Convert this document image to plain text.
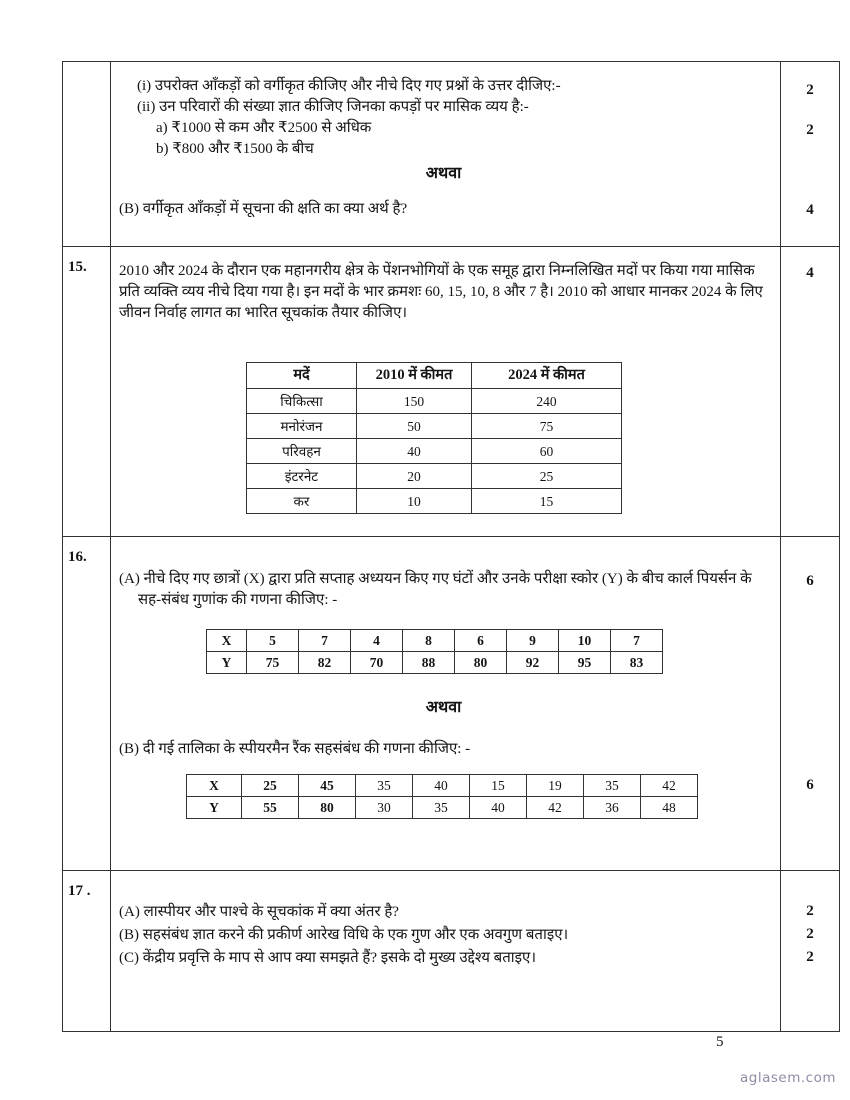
(i) उपरोक्त आँकड़ों को वर्गीकृत कीजिए और नीचे दिए गए प्रश्नों के उत्तर दीजिए:-

(ii) उन परिवारों की संख्या ज्ञात कीजिए जिनका कपड़ों पर मासिक व्यय है:-

a) ₹1000 से कम और ₹2500 से अधिक

b) ₹800 और ₹1500 के बीच

अथवा

(B) वर्गीकृत आँकड़ों में सूचना की क्षति का क्या अर्थ है?

2
2
4
15.	2010 और 2024 के दौरान एक महानगरीय क्षेत्र के पेंशनभोगियों के एक समूह द्वारा निम्नलिखित मदों पर किया गया मासिक प्रति व्यक्ति व्यय नीचे दिया गया है। इन मदों के भार क्रमशः 60, 15, 10, 8 और 7 है। 2010 को आधार मानकर 2024 के लिए जीवन निर्वाह लागत का भारित सूचकांक तैयार कीजिए।

मदें	2010 में कीमत	2024 में कीमत
चिकित्सा	150	240
मनोरंजन	50	75
परिवहन	40	60
इंटरनेट	20	25
कर	10	15
4
16.

(A) नीचे दिए गए छात्रों (X) द्वारा प्रति सप्ताह अध्ययन किए गए घंटों और उनके परीक्षा स्कोर (Y) के बीच कार्ल पियर्सन के सह-संबंध गुणांक की गणना कीजिए: -

X	5	7	4	8	6	9	10	7
Y	75	82	70	88	80	92	95	83

अथवा

(B) दी गई तालिका के स्पीयरमैन रैंक सहसंबंध की गणना कीजिए: -

X	25	45	35	40	15	19	35	42
Y	55	80	30	35	40	42	36	48
6
6
17 .

(A) लास्पीयर और पाश्चे के सूचकांक में क्या अंतर है?

(B) सहसंबंध ज्ञात करने की प्रकीर्ण आरेख विधि के एक गुण और एक अवगुण बताइए।

(C) केंद्रीय प्रवृत्ति के माप से आप क्या समझते हैं? इसके दो मुख्य उद्देश्य बताइए।

2
2
2
5
aglasem.com
